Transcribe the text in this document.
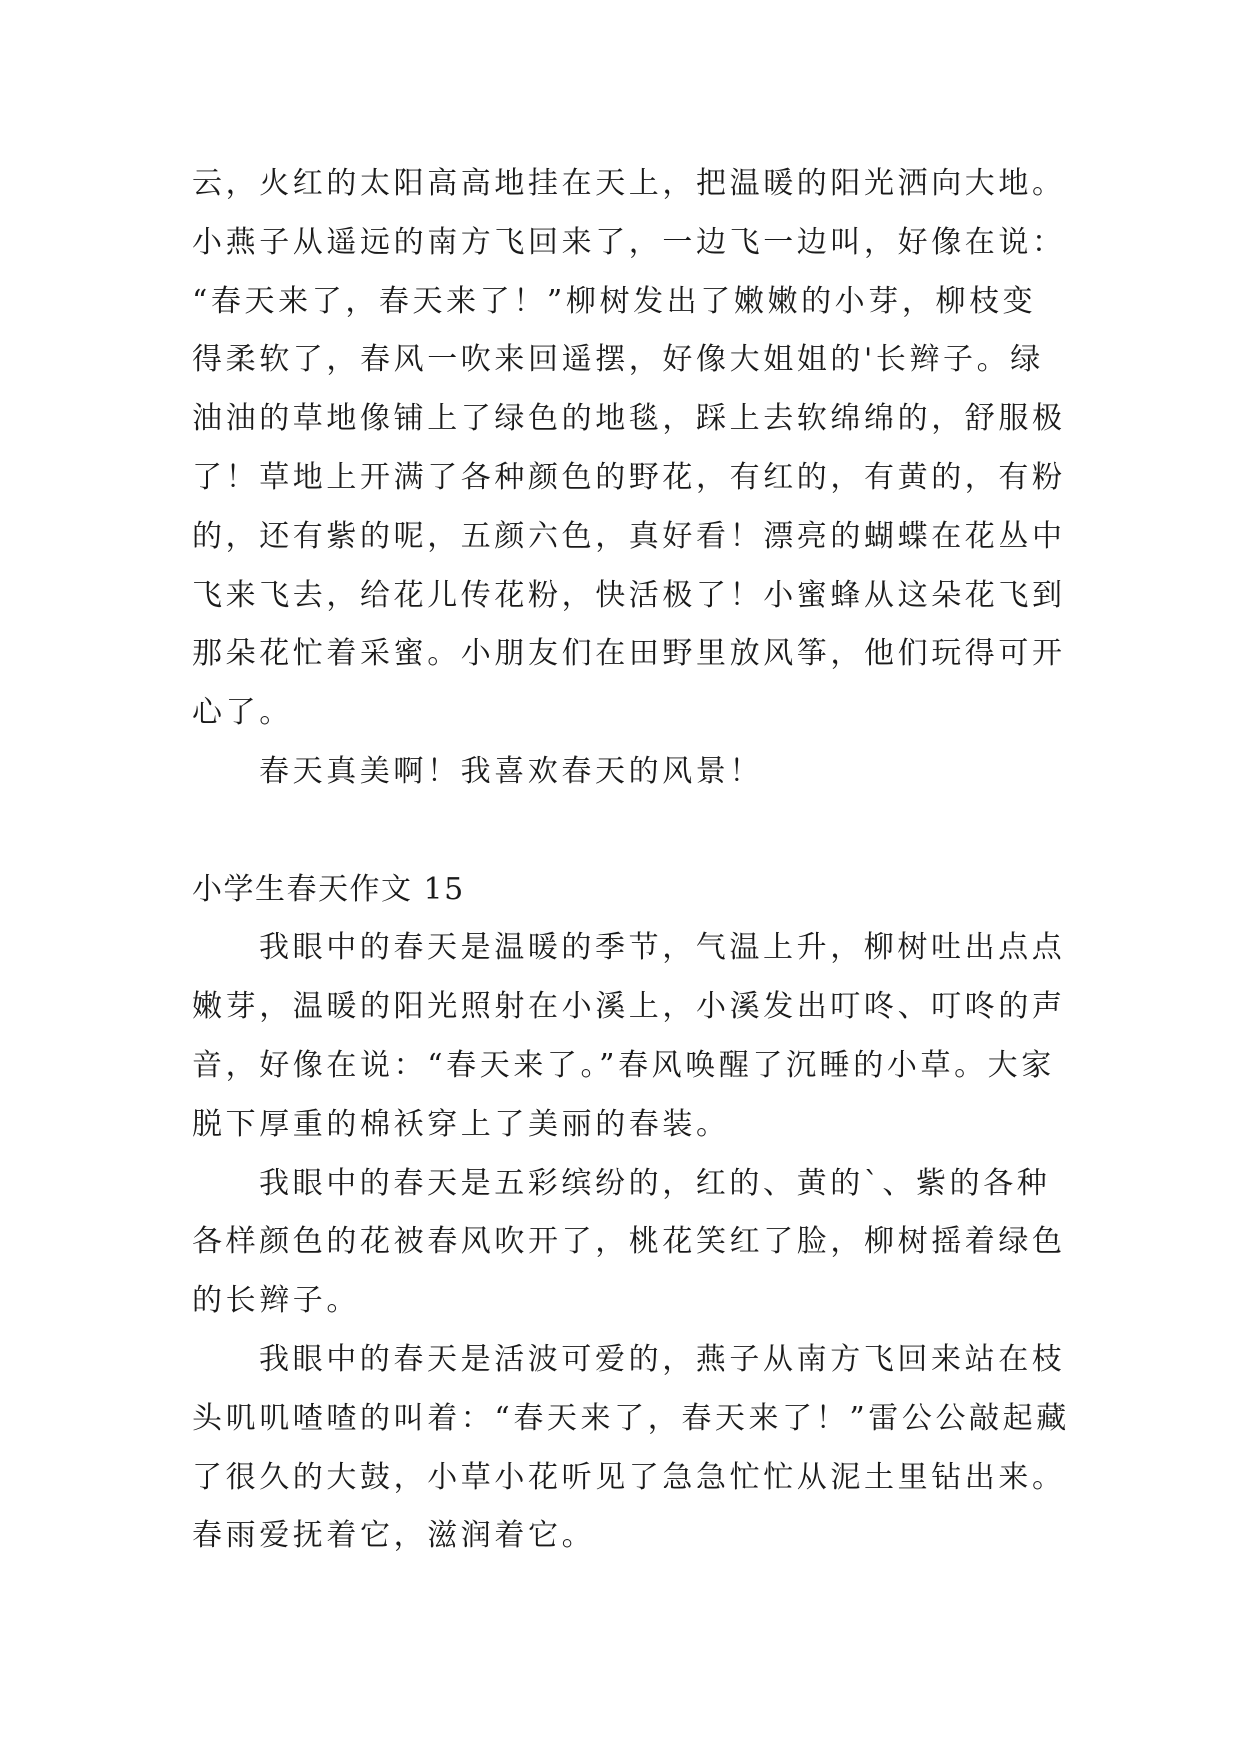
云，火红的太阳高高地挂在天上，把温暖的阳光洒向大地。
小燕子从遥远的南方飞回来了，一边飞一边叫，好像在说：
“春天来了，春天来了！”柳树发出了嫩嫩的小芽，柳枝变
得柔软了，春风一吹来回遥摆，好像大姐姐的'长辫子。绿
油油的草地像铺上了绿色的地毯，踩上去软绵绵的，舒服极
了！草地上开满了各种颜色的野花，有红的，有黄的，有粉
的，还有紫的呢，五颜六色，真好看！漂亮的蝴蝶在花丛中
飞来飞去，给花儿传花粉，快活极了！小蜜蜂从这朵花飞到
那朵花忙着采蜜。小朋友们在田野里放风筝，他们玩得可开
心了。
春天真美啊！我喜欢春天的风景！
小学生春天作文 15
我眼中的春天是温暖的季节，气温上升，柳树吐出点点
嫩芽，温暖的阳光照射在小溪上，小溪发出叮咚、叮咚的声
音，好像在说：“春天来了。”春风唤醒了沉睡的小草。大家
脱下厚重的棉袄穿上了美丽的春装。
我眼中的春天是五彩缤纷的，红的、黄的`、紫的各种
各样颜色的花被春风吹开了，桃花笑红了脸，柳树摇着绿色
的长辫子。
我眼中的春天是活波可爱的，燕子从南方飞回来站在枝
头叽叽喳喳的叫着：“春天来了，春天来了！”雷公公敲起藏
了很久的大鼓，小草小花听见了急急忙忙从泥土里钻出来。
春雨爱抚着它，滋润着它。
